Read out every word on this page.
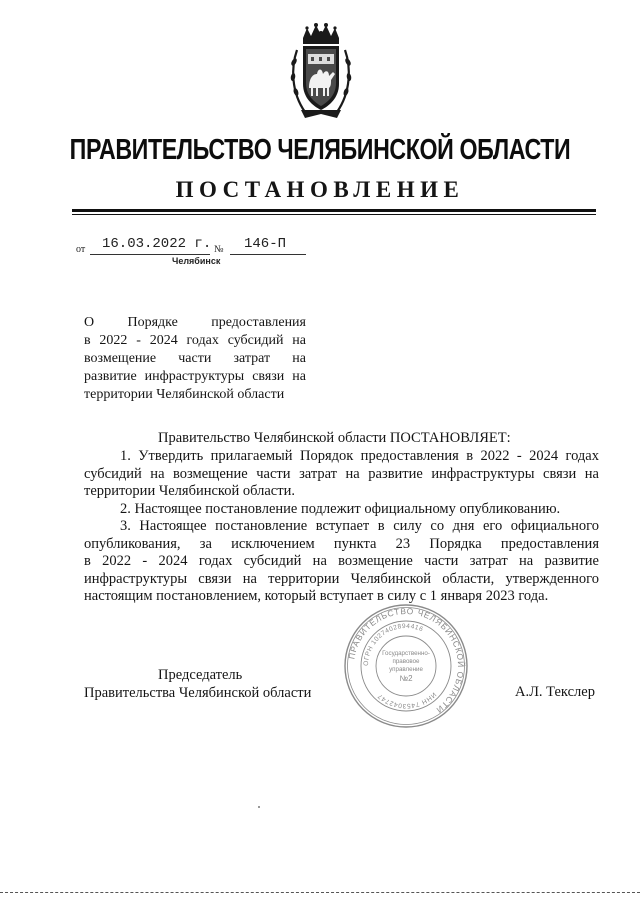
ПРАВИТЕЛЬСТВО ЧЕЛЯБИНСКОЙ ОБЛАСТИ
ПОСТАНОВЛЕНИЕ
от 16.03.2022 г. № 146-П
Челябинск
О Порядке предоставления
в 2022 - 2024 годах субсидий на
возмещение части затрат на
развитие инфраструктуры связи на
территории Челябинской области
Правительство Челябинской области ПОСТАНОВЛЯЕТ:
1. Утвердить прилагаемый Порядок предоставления в 2022 - 2024 годах
субсидий на возмещение части затрат на развитие инфраструктуры связи на
территории Челябинской области.
2. Настоящее постановление подлежит официальному опубликованию.
3. Настоящее постановление вступает в силу со дня его официального
опубликования, за исключением пункта 23 Порядка предоставления
в 2022 - 2024 годах субсидий на возмещение части затрат на развитие
инфраструктуры связи на территории Челябинской области, утвержденного
настоящим постановлением, который вступает в силу с 1 января 2023 года.
ПРАВИТЕЛЬСТВО ЧЕЛЯБИНСКОЙ ОБЛАСТИ
ОГРН 1027402894416
ИНН 7453042747
Государственно-
правовое
управление
№2
Председатель
Правительства Челябинской области	А.Л. Текслер
